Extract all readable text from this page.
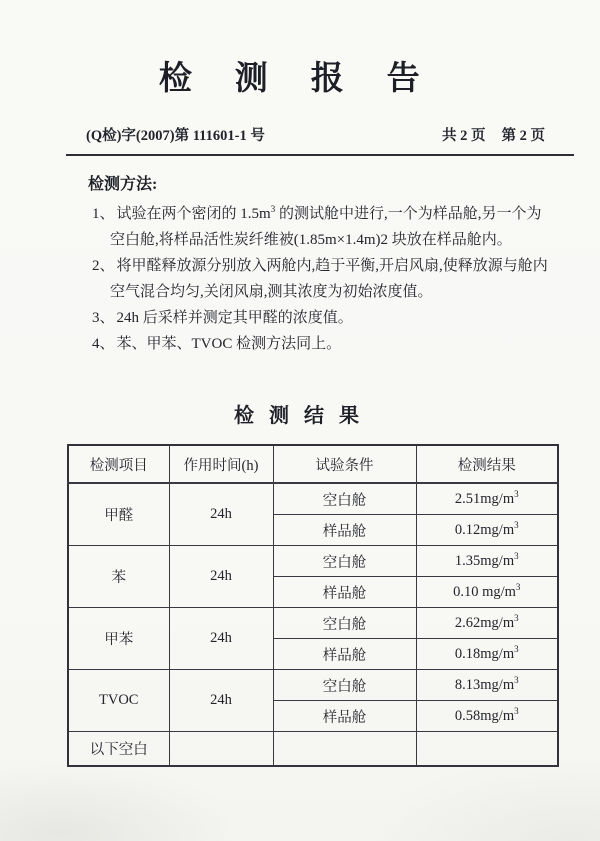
检测报告
(Q检)字(2007)第 111601-1 号	共 2 页 第 2 页

检测方法:

1、 试验在两个密闭的 $1.5m^3$ 的测试舱中进行,一个为样品舱,另一个为空白舱,将样品活性炭纤维被(1.85m×1.4m)2 块放在样品舱内。
2、 将甲醛释放源分别放入两舱内,趋于平衡,开启风扇,使释放源与舱内空气混合均匀,关闭风扇,测其浓度为初始浓度值。
3、 24h 后采样并测定其甲醛的浓度值。
4、 苯、甲苯、TVOC 检测方法同上。
检测结果
检测项目	作用时间(h)	试验条件	检测结果
甲醛	24h	空白舱	$2.51mg/m^3$
		样品舱	$0.12mg/m^3$
苯	24h	空白舱	$1.35mg/m^3$
		样品舱	0.10 $mg/m^3$
甲苯	24h	空白舱	$2.62mg/m^3$
		样品舱	$0.18mg/m^3$
TVOC	24h	空白舱	$8.13mg/m^3$
		样品舱	$0.58mg/m^3$
以下空白			
